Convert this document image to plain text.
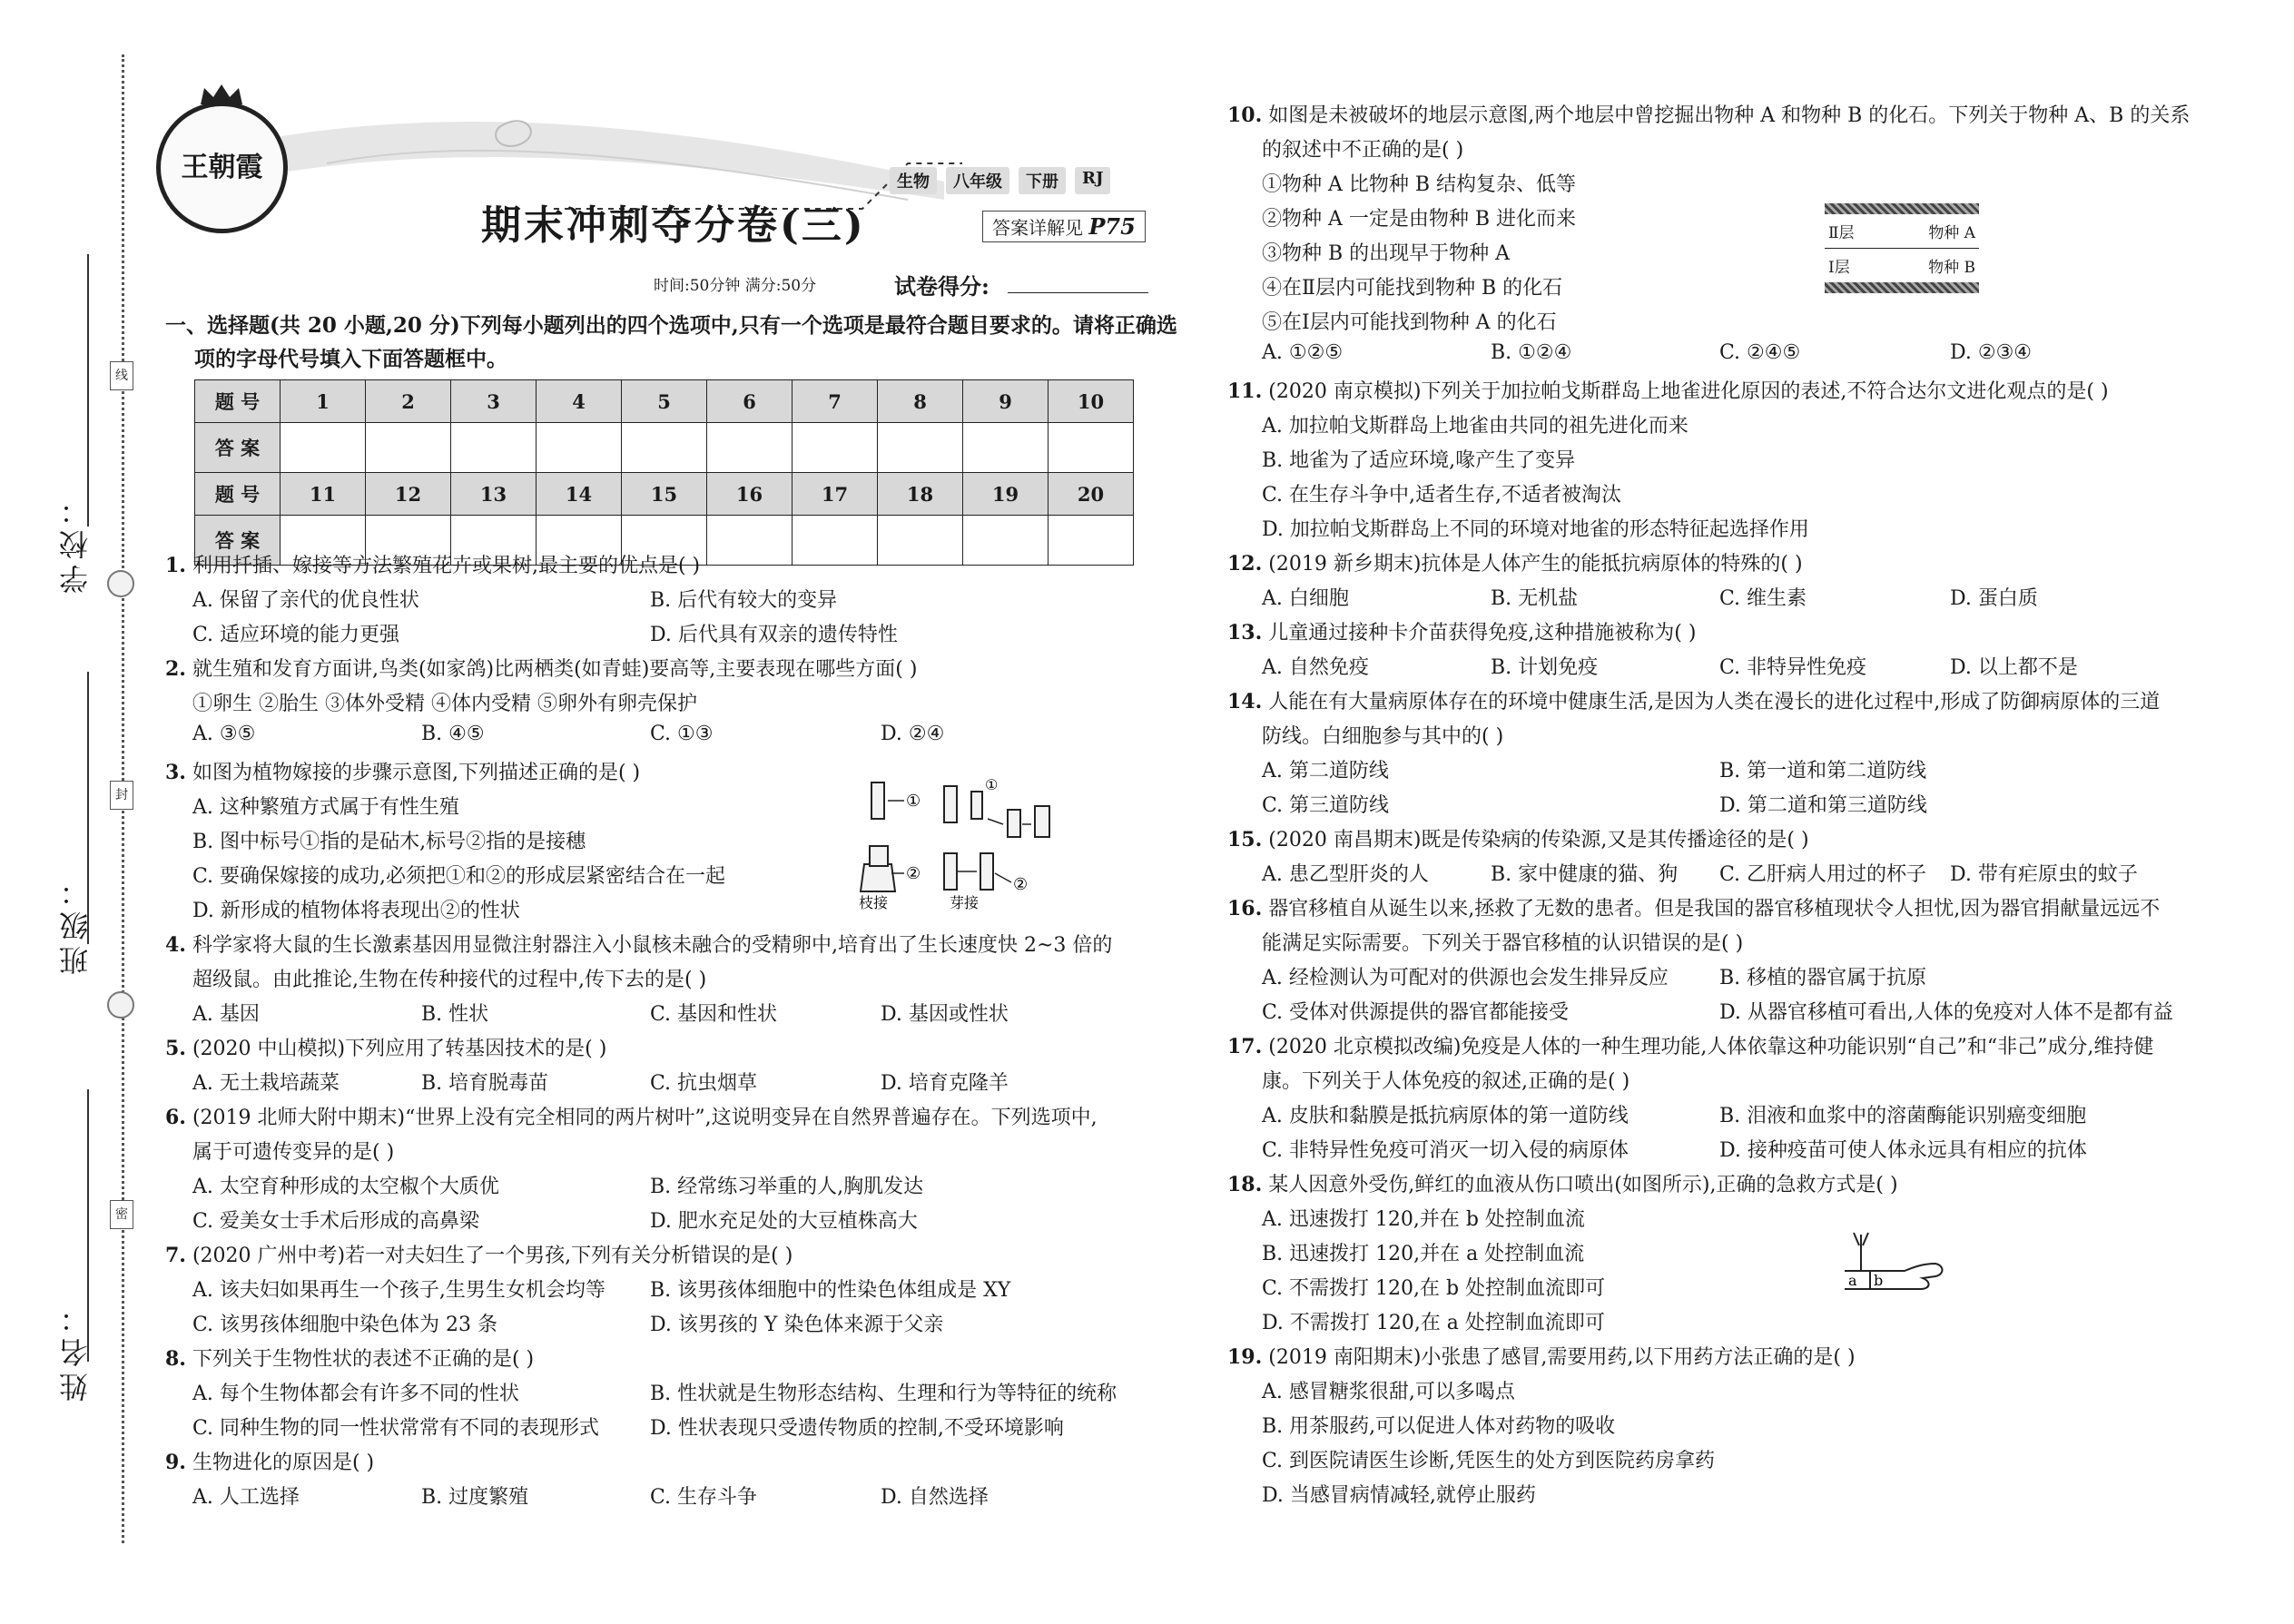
学校：
班级：
姓名：
线
封
密
王朝霞
期末冲刺夺分卷(三)
生物	八年级	下册	RJ
答案详解见 P75
时间:50分钟 满分:50分	试卷得分:
一、选择题(共 20 小题,20 分)下列每小题列出的四个选项中,只有一个选项是最符合题目要求的。请将正确选
项的字母代号填入下面答题框中。
题 号	1	2	3	4	5	6	7	8	9	10
答 案										
题 号	11	12	13	14	15	16	17	18	19	20
答 案										
1. 利用扦插、嫁接等方法繁殖花卉或果树,最主要的优点是( )
A. 保留了亲代的优良性状	B. 后代有较大的变异
C. 适应环境的能力更强	D. 后代具有双亲的遗传特性
2. 就生殖和发育方面讲,鸟类(如家鸽)比两栖类(如青蛙)要高等,主要表现在哪些方面( )
①卵生 ②胎生 ③体外受精 ④体内受精 ⑤卵外有卵壳保护
A. ③⑤	B. ④⑤	C. ①③	D. ②④
3. 如图为植物嫁接的步骤示意图,下列描述正确的是( )
A. 这种繁殖方式属于有性生殖
B. 图中标号①指的是砧木,标号②指的是接穗
C. 要确保嫁接的成功,必须把①和②的形成层紧密结合在一起
D. 新形成的植物体将表现出②的性状
①
②
①
②
枝接	芽接
4. 科学家将大鼠的生长激素基因用显微注射器注入小鼠核未融合的受精卵中,培育出了生长速度快 2~3 倍的
超级鼠。由此推论,生物在传种接代的过程中,传下去的是( )
A. 基因	B. 性状	C. 基因和性状	D. 基因或性状
5. (2020 中山模拟)下列应用了转基因技术的是( )
A. 无土栽培蔬菜	B. 培育脱毒苗	C. 抗虫烟草	D. 培育克隆羊
6. (2019 北师大附中期末)“世界上没有完全相同的两片树叶”,这说明变异在自然界普遍存在。下列选项中,
属于可遗传变异的是( )
A. 太空育种形成的太空椒个大质优	B. 经常练习举重的人,胸肌发达
C. 爱美女士手术后形成的高鼻梁	D. 肥水充足处的大豆植株高大
7. (2020 广州中考)若一对夫妇生了一个男孩,下列有关分析错误的是( )
A. 该夫妇如果再生一个孩子,生男生女机会均等 B. 该男孩体细胞中的性染色体组成是 XY
C. 该男孩体细胞中染色体为 23 条	D. 该男孩的 Y 染色体来源于父亲
8. 下列关于生物性状的表述不正确的是( )
A. 每个生物体都会有许多不同的性状	B. 性状就是生物形态结构、生理和行为等特征的统称
C. 同种生物的同一性状常常有不同的表现形式	D. 性状表现只受遗传物质的控制,不受环境影响
9. 生物进化的原因是( )
A. 人工选择	B. 过度繁殖	C. 生存斗争	D. 自然选择
10. 如图是未被破坏的地层示意图,两个地层中曾挖掘出物种 A 和物种 B 的化石。下列关于物种 A、B 的关系
的叙述中不正确的是( )
①物种 A 比物种 B 结构复杂、低等
②物种 A 一定是由物种 B 进化而来
③物种 B 的出现早于物种 A
④在Ⅱ层内可能找到物种 B 的化石
⑤在Ⅰ层内可能找到物种 A 的化石
Ⅱ层	物种 A
Ⅰ层	物种 B
A. ①②⑤	B. ①②④	C. ②④⑤	D. ②③④
11. (2020 南京模拟)下列关于加拉帕戈斯群岛上地雀进化原因的表述,不符合达尔文进化观点的是( )
A. 加拉帕戈斯群岛上地雀由共同的祖先进化而来
B. 地雀为了适应环境,喙产生了变异
C. 在生存斗争中,适者生存,不适者被淘汰
D. 加拉帕戈斯群岛上不同的环境对地雀的形态特征起选择作用
12. (2019 新乡期末)抗体是人体产生的能抵抗病原体的特殊的( )
A. 白细胞	B. 无机盐	C. 维生素	D. 蛋白质
13. 儿童通过接种卡介苗获得免疫,这种措施被称为( )
A. 自然免疫	B. 计划免疫	C. 非特异性免疫	D. 以上都不是
14. 人能在有大量病原体存在的环境中健康生活,是因为人类在漫长的进化过程中,形成了防御病原体的三道
防线。白细胞参与其中的( )
A. 第二道防线	B. 第一道和第二道防线
C. 第三道防线	D. 第二道和第三道防线
15. (2020 南昌期末)既是传染病的传染源,又是其传播途径的是( )
A. 患乙型肝炎的人	B. 家中健康的猫、狗 C. 乙肝病人用过的杯子 D. 带有疟原虫的蚊子
16. 器官移植自从诞生以来,拯救了无数的患者。但是我国的器官移植现状令人担忧,因为器官捐献量远远不
能满足实际需要。下列关于器官移植的认识错误的是( )
A. 经检测认为可配对的供源也会发生排异反应	B. 移植的器官属于抗原
C. 受体对供源提供的器官都能接受	D. 从器官移植可看出,人体的免疫对人体不是都有益
17. (2020 北京模拟改编)免疫是人体的一种生理功能,人体依靠这种功能识别“自己”和“非己”成分,维持健
康。下列关于人体免疫的叙述,正确的是( )
A. 皮肤和黏膜是抵抗病原体的第一道防线	B. 泪液和血浆中的溶菌酶能识别癌变细胞
C. 非特异性免疫可消灭一切入侵的病原体	D. 接种疫苗可使人体永远具有相应的抗体
18. 某人因意外受伤,鲜红的血液从伤口喷出(如图所示),正确的急救方式是( )
A. 迅速拨打 120,并在 b 处控制血流
B. 迅速拨打 120,并在 a 处控制血流
C. 不需拨打 120,在 b 处控制血流即可
D. 不需拨打 120,在 a 处控制血流即可
a b
19. (2019 南阳期末)小张患了感冒,需要用药,以下用药方法正确的是( )
A. 感冒糖浆很甜,可以多喝点
B. 用茶服药,可以促进人体对药物的吸收
C. 到医院请医生诊断,凭医生的处方到医院药房拿药
D. 当感冒病情减轻,就停止服药
